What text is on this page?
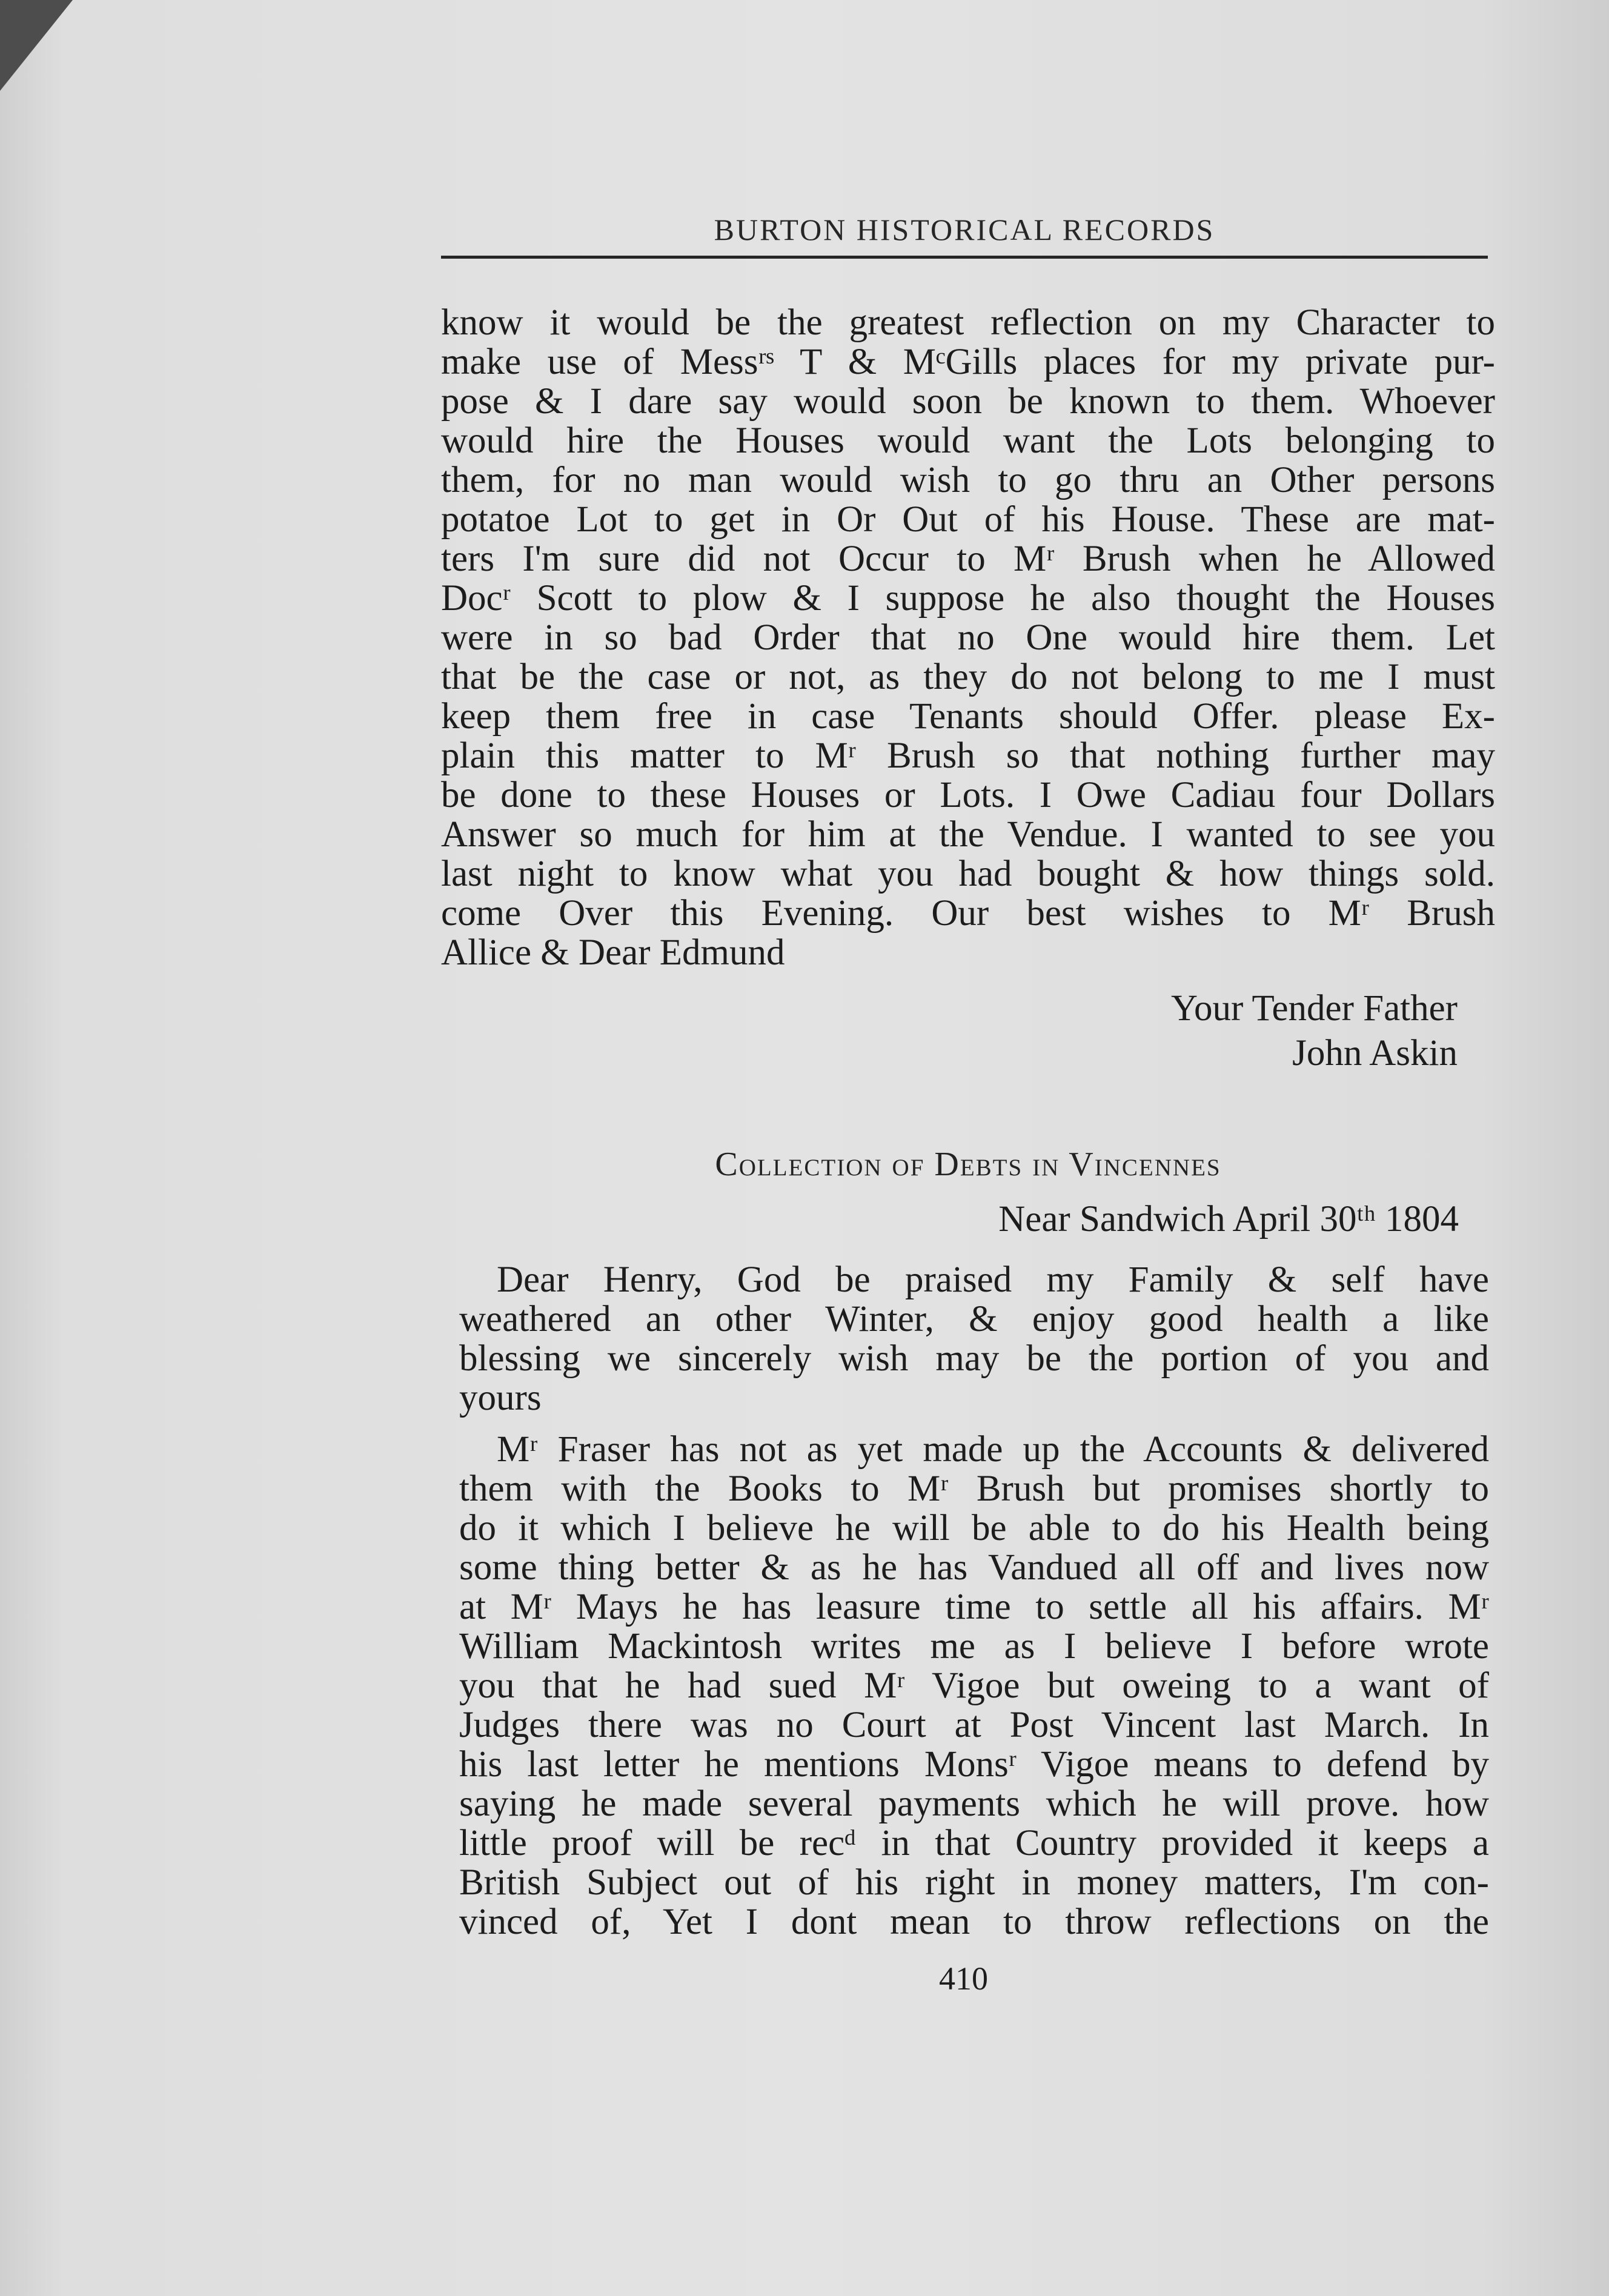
BURTON HISTORICAL RECORDS
know it would be the greatest reflection on my Character to
make use of Messʳˢ T & MᶜGills places for my private pur-
pose & I dare say would soon be known to them. Whoever
would hire the Houses would want the Lots belonging to
them, for no man would wish to go thru an Other persons
potatoe Lot to get in Or Out of his House. These are mat-
ters I'm sure did not Occur to Mʳ Brush when he Allowed
Docʳ Scott to plow & I suppose he also thought the Houses
were in so bad Order that no One would hire them. Let
that be the case or not, as they do not belong to me I must
keep them free in case Tenants should Offer. please Ex-
plain this matter to Mʳ Brush so that nothing further may
be done to these Houses or Lots. I Owe Cadiau four Dollars
Answer so much for him at the Vendue. I wanted to see you
last night to know what you had bought & how things sold.
come Over this Evening. Our best wishes to Mʳ Brush
Allice & Dear Edmund
Your Tender Father
John Askin
Collection of Debts in Vincennes
Near Sandwich April 30ᵗʰ 1804
Dear Henry, God be praised my Family & self have
weathered an other Winter, & enjoy good health a like
blessing we sincerely wish may be the portion of you and
yours
Mʳ Fraser has not as yet made up the Accounts & delivered
them with the Books to Mʳ Brush but promises shortly to
do it which I believe he will be able to do his Health being
some thing better & as he has Vandued all off and lives now
at Mʳ Mays he has leasure time to settle all his affairs. Mʳ
William Mackintosh writes me as I believe I before wrote
you that he had sued Mʳ Vigoe but oweing to a want of
Judges there was no Court at Post Vincent last March. In
his last letter he mentions Monsʳ Vigoe means to defend by
saying he made several payments which he will prove. how
little proof will be recᵈ in that Country provided it keeps a
British Subject out of his right in money matters, I'm con-
vinced of, Yet I dont mean to throw reflections on the
410
